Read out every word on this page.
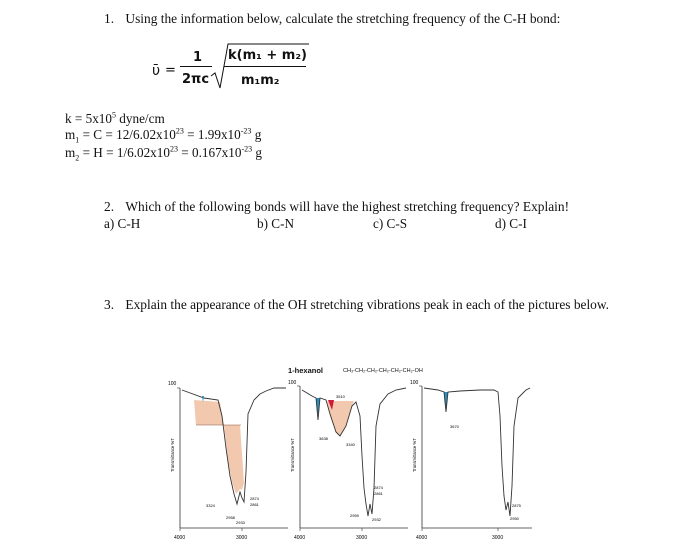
1. Using the information below, calculate the stretching frequency of the C-H bond:
ῡ =
1
2πc
k(m₁ + m₂)
m₁m₂
$k = 5x10^5$ dyne/cm
$m_1 = C = 12/6.02x10^{23} = 1.99x10^{-23}$ g
$m_2 = H = 1/6.02x10^{23} = 0.167x10^{-23}$ g
2. Which of the following bonds will have the highest stretching frequency? Explain!
a) C-H	b) C-N	c) C-S	d) C-I
3. Explain the appearance of the OH stretching vibrations peak in each of the pictures below.
1-hexanol	CH₃-CH₂-CH₂-CH₂-CH₂-CH₂-OH
100
Transmittance %T
3324
2874
2861
2958
2933
4000	3000
100
Transmittance %T
3510
3638
3340
2874
2861
2959
2932
4000	3000
100
Transmittance %T
3670
2875
2950
4000	3000
